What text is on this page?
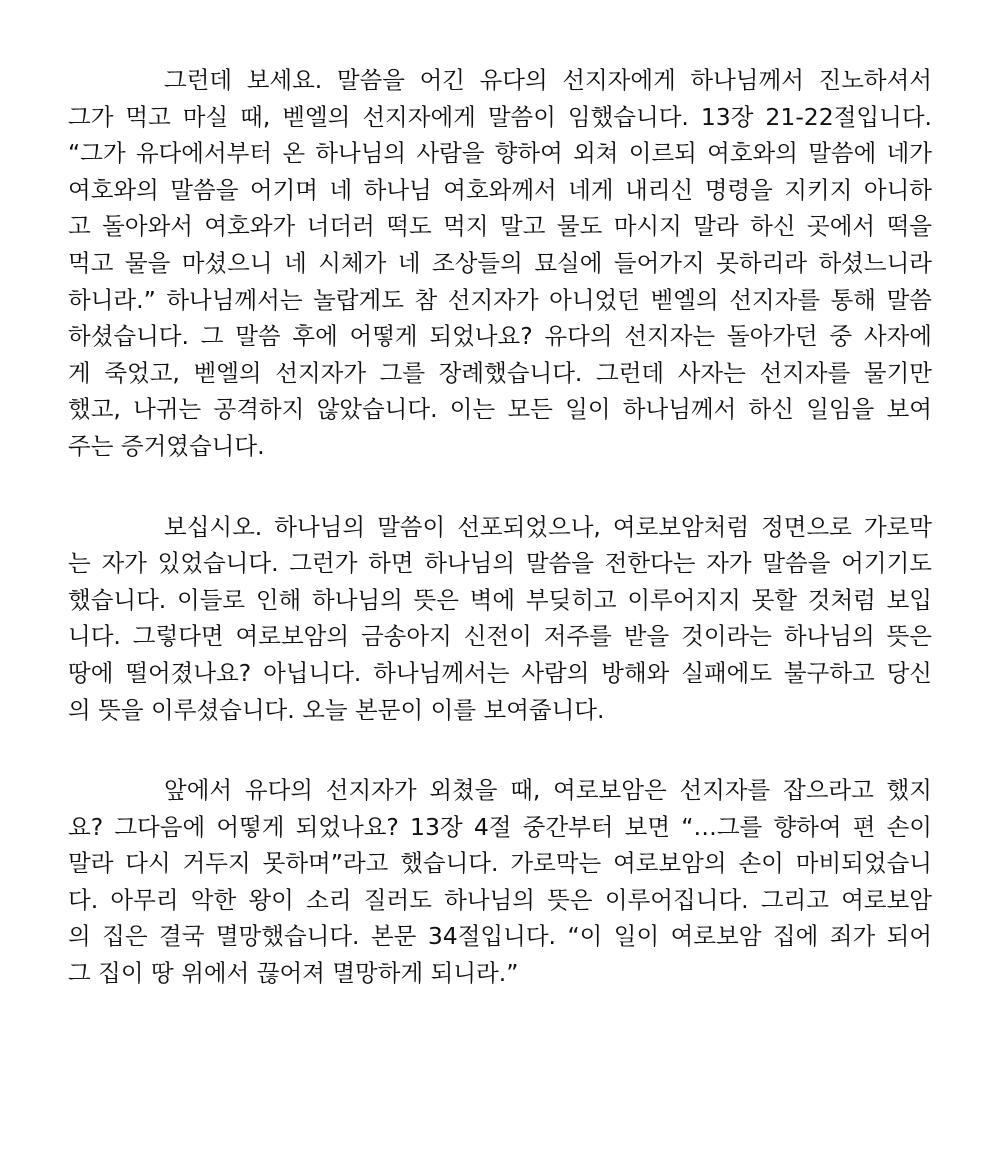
그런데 보세요. 말씀을 어긴 유다의 선지자에게 하나님께서 진노하셔서
그가 먹고 마실 때, 벧엘의 선지자에게 말씀이 임했습니다. 13장 21-22절입니다.
“그가 유다에서부터 온 하나님의 사람을 향하여 외쳐 이르되 여호와의 말씀에 네가
여호와의 말씀을 어기며 네 하나님 여호와께서 네게 내리신 명령을 지키지 아니하
고 돌아와서 여호와가 너더러 떡도 먹지 말고 물도 마시지 말라 하신 곳에서 떡을
먹고 물을 마셨으니 네 시체가 네 조상들의 묘실에 들어가지 못하리라 하셨느니라
하니라.” 하나님께서는 놀랍게도 참 선지자가 아니었던 벧엘의 선지자를 통해 말씀
하셨습니다. 그 말씀 후에 어떻게 되었나요? 유다의 선지자는 돌아가던 중 사자에
게 죽었고, 벧엘의 선지자가 그를 장례했습니다. 그런데 사자는 선지자를 물기만
했고, 나귀는 공격하지 않았습니다. 이는 모든 일이 하나님께서 하신 일임을 보여
주는 증거였습니다.
보십시오. 하나님의 말씀이 선포되었으나, 여로보암처럼 정면으로 가로막
는 자가 있었습니다. 그런가 하면 하나님의 말씀을 전한다는 자가 말씀을 어기기도
했습니다. 이들로 인해 하나님의 뜻은 벽에 부딪히고 이루어지지 못할 것처럼 보입
니다. 그렇다면 여로보암의 금송아지 신전이 저주를 받을 것이라는 하나님의 뜻은
땅에 떨어졌나요? 아닙니다. 하나님께서는 사람의 방해와 실패에도 불구하고 당신
의 뜻을 이루셨습니다. 오늘 본문이 이를 보여줍니다.
앞에서 유다의 선지자가 외쳤을 때, 여로보암은 선지자를 잡으라고 했지
요? 그다음에 어떻게 되었나요? 13장 4절 중간부터 보면 “…그를 향하여 편 손이
말라 다시 거두지 못하며”라고 했습니다. 가로막는 여로보암의 손이 마비되었습니
다. 아무리 악한 왕이 소리 질러도 하나님의 뜻은 이루어집니다. 그리고 여로보암
의 집은 결국 멸망했습니다. 본문 34절입니다. “이 일이 여로보암 집에 죄가 되어
그 집이 땅 위에서 끊어져 멸망하게 되니라.”
